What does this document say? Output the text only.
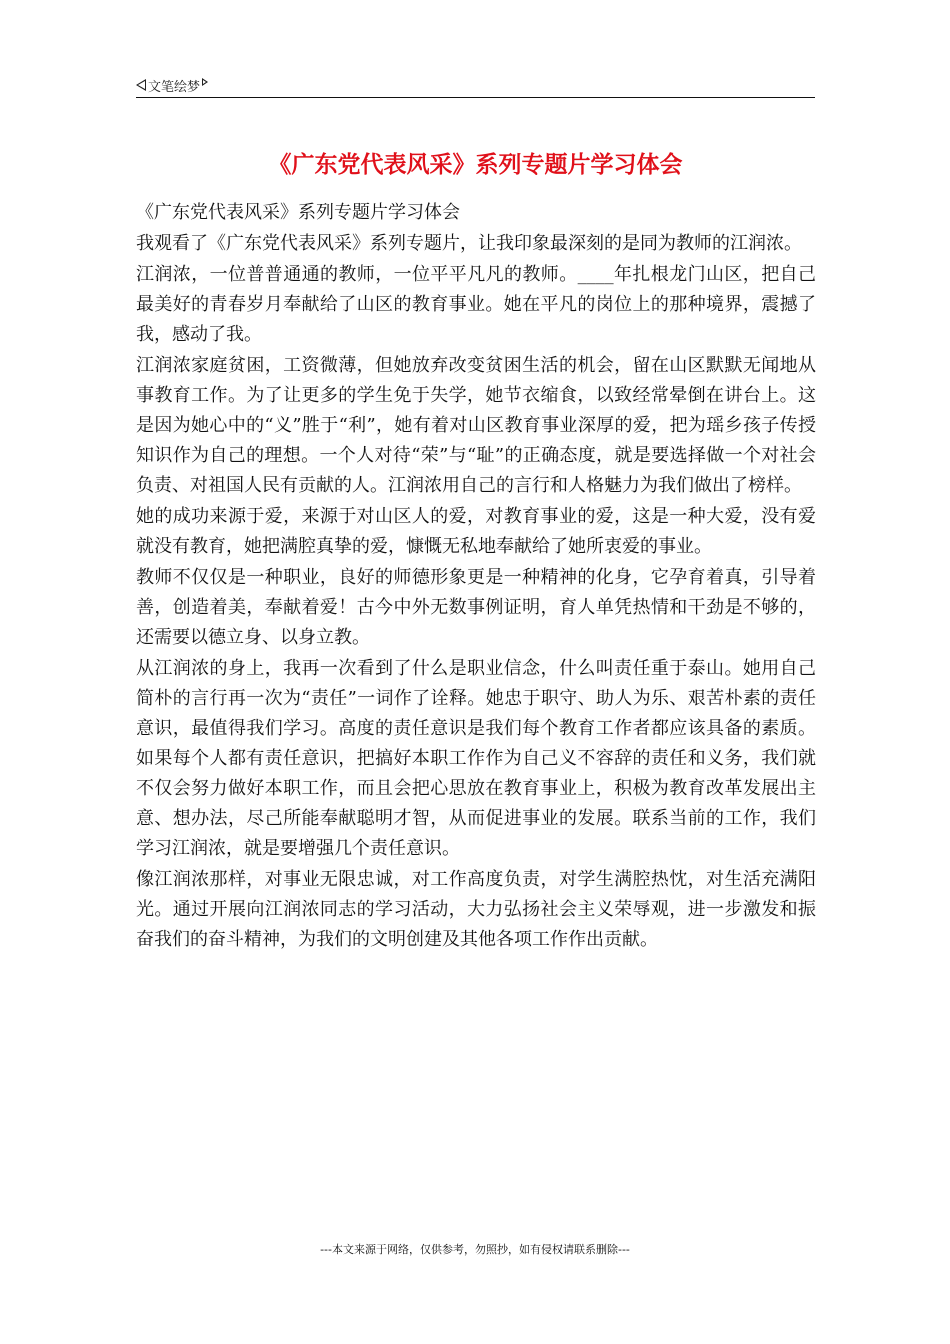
文笔绘梦
《广东党代表风采》系列专题片学习体会

《广东党代表风采》系列专题片学习体会

我观看了《广东党代表风采》系列专题片，让我印象最深刻的是同为教师的江润浓。

江润浓，一位普普通通的教师，一位平平凡凡的教师。____年扎根龙门山区，把自己最美好的青春岁月奉献给了山区的教育事业。她在平凡的岗位上的那种境界，震撼了我，感动了我。

江润浓家庭贫困，工资微薄，但她放弃改变贫困生活的机会，留在山区默默无闻地从事教育工作。为了让更多的学生免于失学，她节衣缩食，以致经常晕倒在讲台上。这是因为她心中的“义”胜于“利”，她有着对山区教育事业深厚的爱，把为瑶乡孩子传授知识作为自己的理想。一个人对待“荣”与“耻”的正确态度，就是要选择做一个对社会负责、对祖国人民有贡献的人。江润浓用自己的言行和人格魅力为我们做出了榜样。

她的成功来源于爱，来源于对山区人的爱，对教育事业的爱，这是一种大爱，没有爱就没有教育，她把满腔真挚的爱，慷慨无私地奉献给了她所衷爱的事业。

教师不仅仅是一种职业，良好的师德形象更是一种精神的化身，它孕育着真，引导着善，创造着美，奉献着爱！古今中外无数事例证明，育人单凭热情和干劲是不够的，还需要以德立身、以身立教。

从江润浓的身上，我再一次看到了什么是职业信念，什么叫责任重于泰山。她用自己简朴的言行再一次为“责任”一词作了诠释。她忠于职守、助人为乐、艰苦朴素的责任意识，最值得我们学习。高度的责任意识是我们每个教育工作者都应该具备的素质。如果每个人都有责任意识，把搞好本职工作作为自己义不容辞的责任和义务，我们就不仅会努力做好本职工作，而且会把心思放在教育事业上，积极为教育改革发展出主意、想办法，尽己所能奉献聪明才智，从而促进事业的发展。联系当前的工作，我们学习江润浓，就是要增强几个责任意识。

像江润浓那样，对事业无限忠诚，对工作高度负责，对学生满腔热忱，对生活充满阳光。通过开展向江润浓同志的学习活动，大力弘扬社会主义荣辱观，进一步激发和振奋我们的奋斗精神，为我们的文明创建及其他各项工作作出贡献。

---本文来源于网络，仅供参考，勿照抄，如有侵权请联系删除---
